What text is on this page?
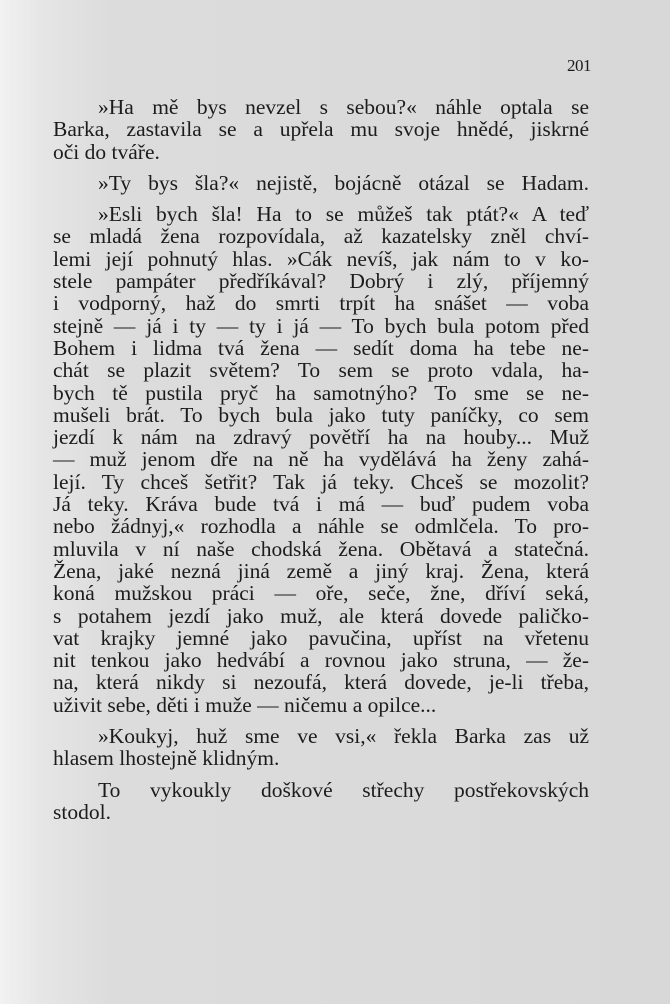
201

»Ha mě bys nevzel s sebou?« náhle optala se
Barka, zastavila se a upřela mu svoje hnědé, jiskrné
oči do tváře.

»Ty bys šla?« nejistě, bojácně otázal se Hadam.

»Esli bych šla! Ha to se můžeš tak ptát?« A teď
se mladá žena rozpovídala, až kazatelsky zněl chví-
lemi její pohnutý hlas. »Cák nevíš, jak nám to v ko-
stele pampáter předříkával? Dobrý i zlý, příjemný
i vodporný, haž do smrti trpít ha snášet — voba
stejně — já i ty — ty i já — To bych bula potom před
Bohem i lidma tvá žena — sedít doma ha tebe ne-
chát se plazit světem? To sem se proto vdala, ha-
bych tě pustila pryč ha samotnýho? To sme se ne-
mušeli brát. To bych bula jako tuty paníčky, co sem
jezdí k nám na zdravý povětří ha na houby... Muž
— muž jenom dře na ně ha vydělává ha ženy zahá-
lejí. Ty chceš šetřit? Tak já teky. Chceš se mozolit?
Já teky. Kráva bude tvá i má — buď pudem voba
nebo žádnyj,« rozhodla a náhle se odmlčela. To pro-
mluvila v ní naše chodská žena. Obětavá a statečná.
Žena, jaké nezná jiná země a jiný kraj. Žena, která
koná mužskou práci — oře, seče, žne, dříví seká,
s potahem jezdí jako muž, ale která dovede paličko-
vat krajky jemné jako pavučina, upříst na vřetenu
nit tenkou jako hedvábí a rovnou jako struna, — že-
na, která nikdy si nezoufá, která dovede, je-li třeba,
uživit sebe, děti i muže — ničemu a opilce...

»Koukyj, huž sme ve vsi,« řekla Barka zas už
hlasem lhostejně klidným.

To vykoukly doškové střechy postřekovských
stodol.
